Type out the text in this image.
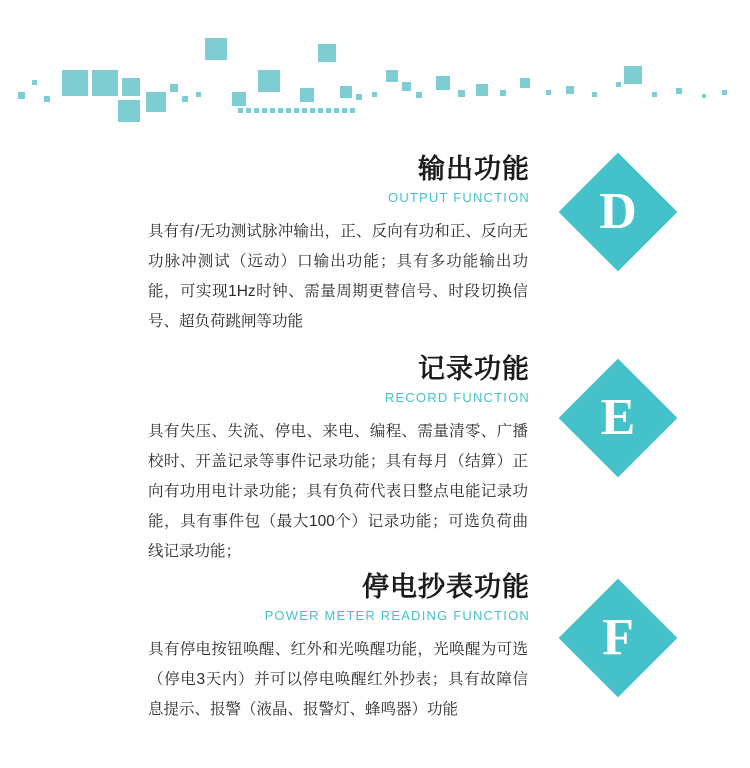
输出功能
OUTPUT FUNCTION
具有有/无功测试脉冲输出，正、反向有功和正、反向无功脉冲测试（远动）口输出功能；具有多功能输出功能，可实现1Hz时钟、需量周期更替信号、时段切换信号、超负荷跳闸等功能
D
记录功能
RECORD FUNCTION
具有失压、失流、停电、来电、编程、需量清零、广播校时、开盖记录等事件记录功能；具有每月（结算）正向有功用电计录功能；具有负荷代表日整点电能记录功能，具有事件包（最大100个）记录功能；可选负荷曲线记录功能；
E
停电抄表功能
POWER METER READING FUNCTION
具有停电按钮唤醒、红外和光唤醒功能，光唤醒为可选（停电3天内）并可以停电唤醒红外抄表；具有故障信息提示、报警（液晶、报警灯、蜂鸣器）功能
F
